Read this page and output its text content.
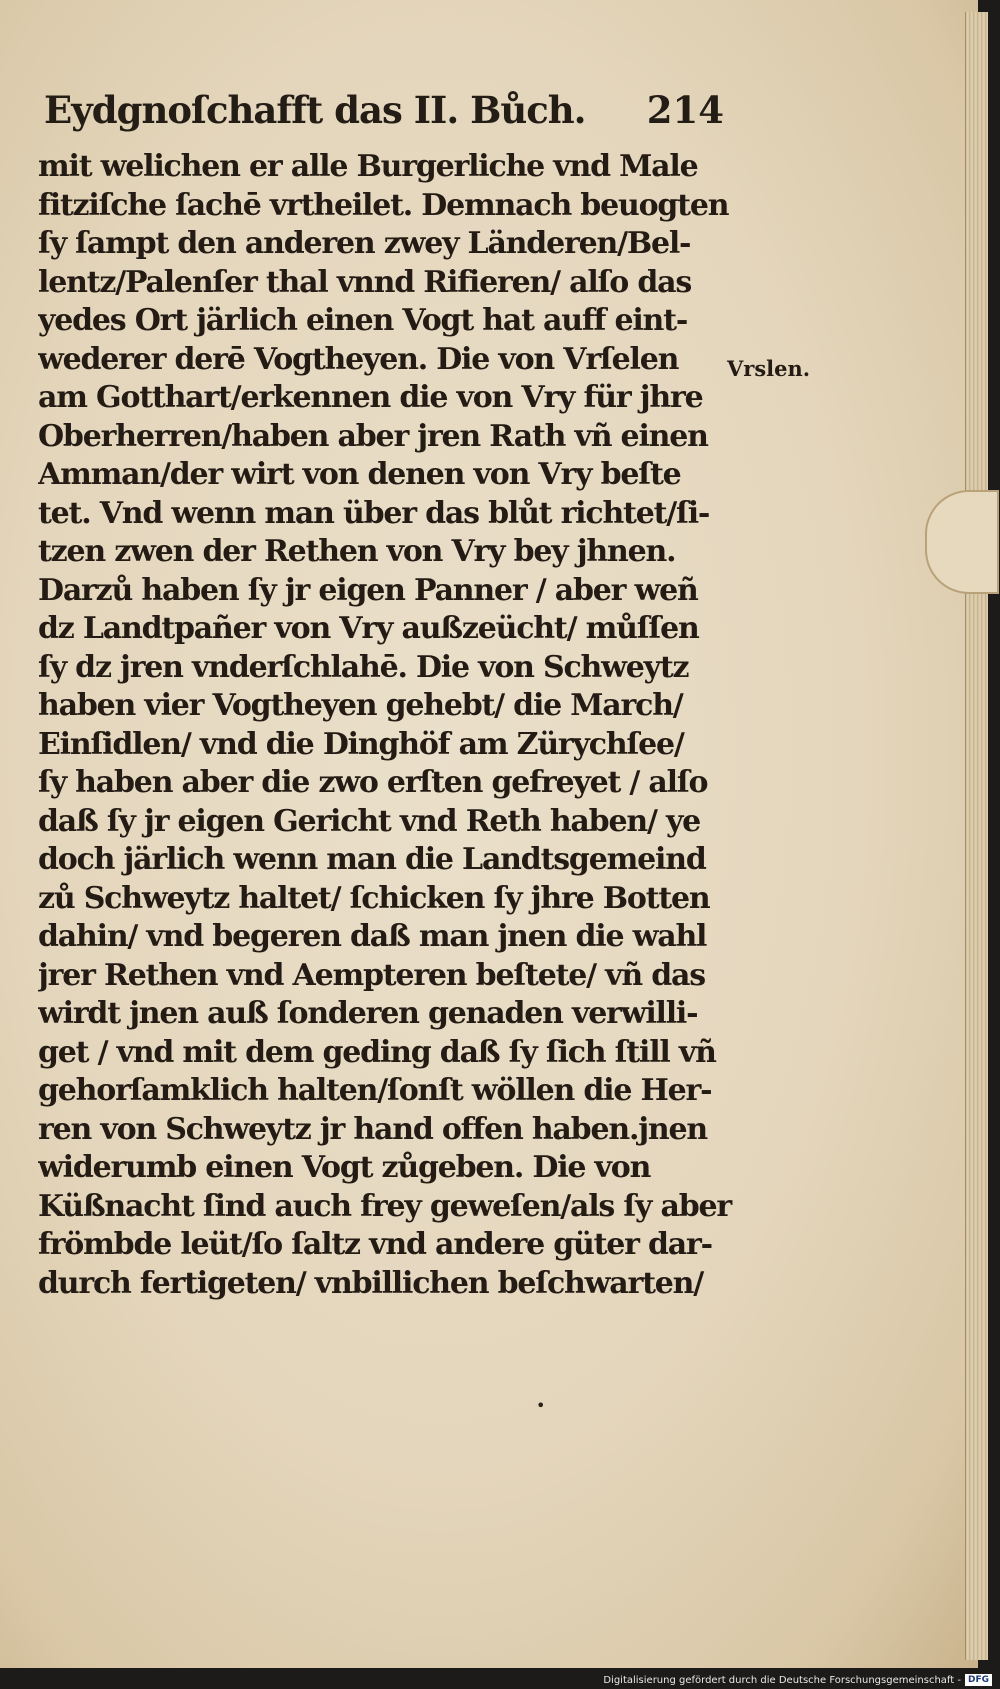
Eydgnoſchafft das II. Bůch. 214
mit welichen er alle Burgerliche vnd Male
fitziſche ſachē vrtheilet. Demnach beuogten
ſy ſampt den anderen zwey Länderen/Bel-
lentz/Palenſer thal vnnd Rifieren/ alſo das
yedes Ort järlich einen Vogt hat auff eint-
wederer derē Vogtheyen. Die von Vrſelen
am Gotthart/erkennen die von Vry für jhre
Oberherren/haben aber jren Rath vñ einen
Amman/der wirt von denen von Vry beſte
tet. Vnd wenn man über das blůt richtet/ſi-
tzen zwen der Rethen von Vry bey jhnen.
Darzů haben ſy jr eigen Panner / aber weñ
dz Landtpañer von Vry außzeücht/ můſſen
ſy dz jren vnderſchlahē. Die von Schweytz
haben vier Vogtheyen gehebt/ die March/
Einſidlen/ vnd die Dinghöf am Zürychſee/
ſy haben aber die zwo erſten gefreyet / alſo
daß ſy jr eigen Gericht vnd Reth haben/ ye
doch järlich wenn man die Landtsgemeind
zů Schweytz haltet/ ſchicken ſy jhre Botten
dahin/ vnd begeren daß man jnen die wahl
jrer Rethen vnd Aempteren beſtete/ vñ das
wirdt jnen auß ſonderen genaden verwilli-
get / vnd mit dem geding daß ſy ſich ſtill vñ
gehorſamklich halten/ſonſt wöllen die Her-
ren von Schweytz jr hand offen haben.jnen
widerumb einen Vogt zůgeben. Die von
Küßnacht ſind auch frey geweſen/als ſy aber
frömbde leüt/ſo ſaltz vnd andere güter dar-
durch fertigeten/ vnbillichen beſchwarten/
Vrslen.
•
Digitalisierung gefördert durch die Deutsche Forschungsgemeinschaft - DFG
